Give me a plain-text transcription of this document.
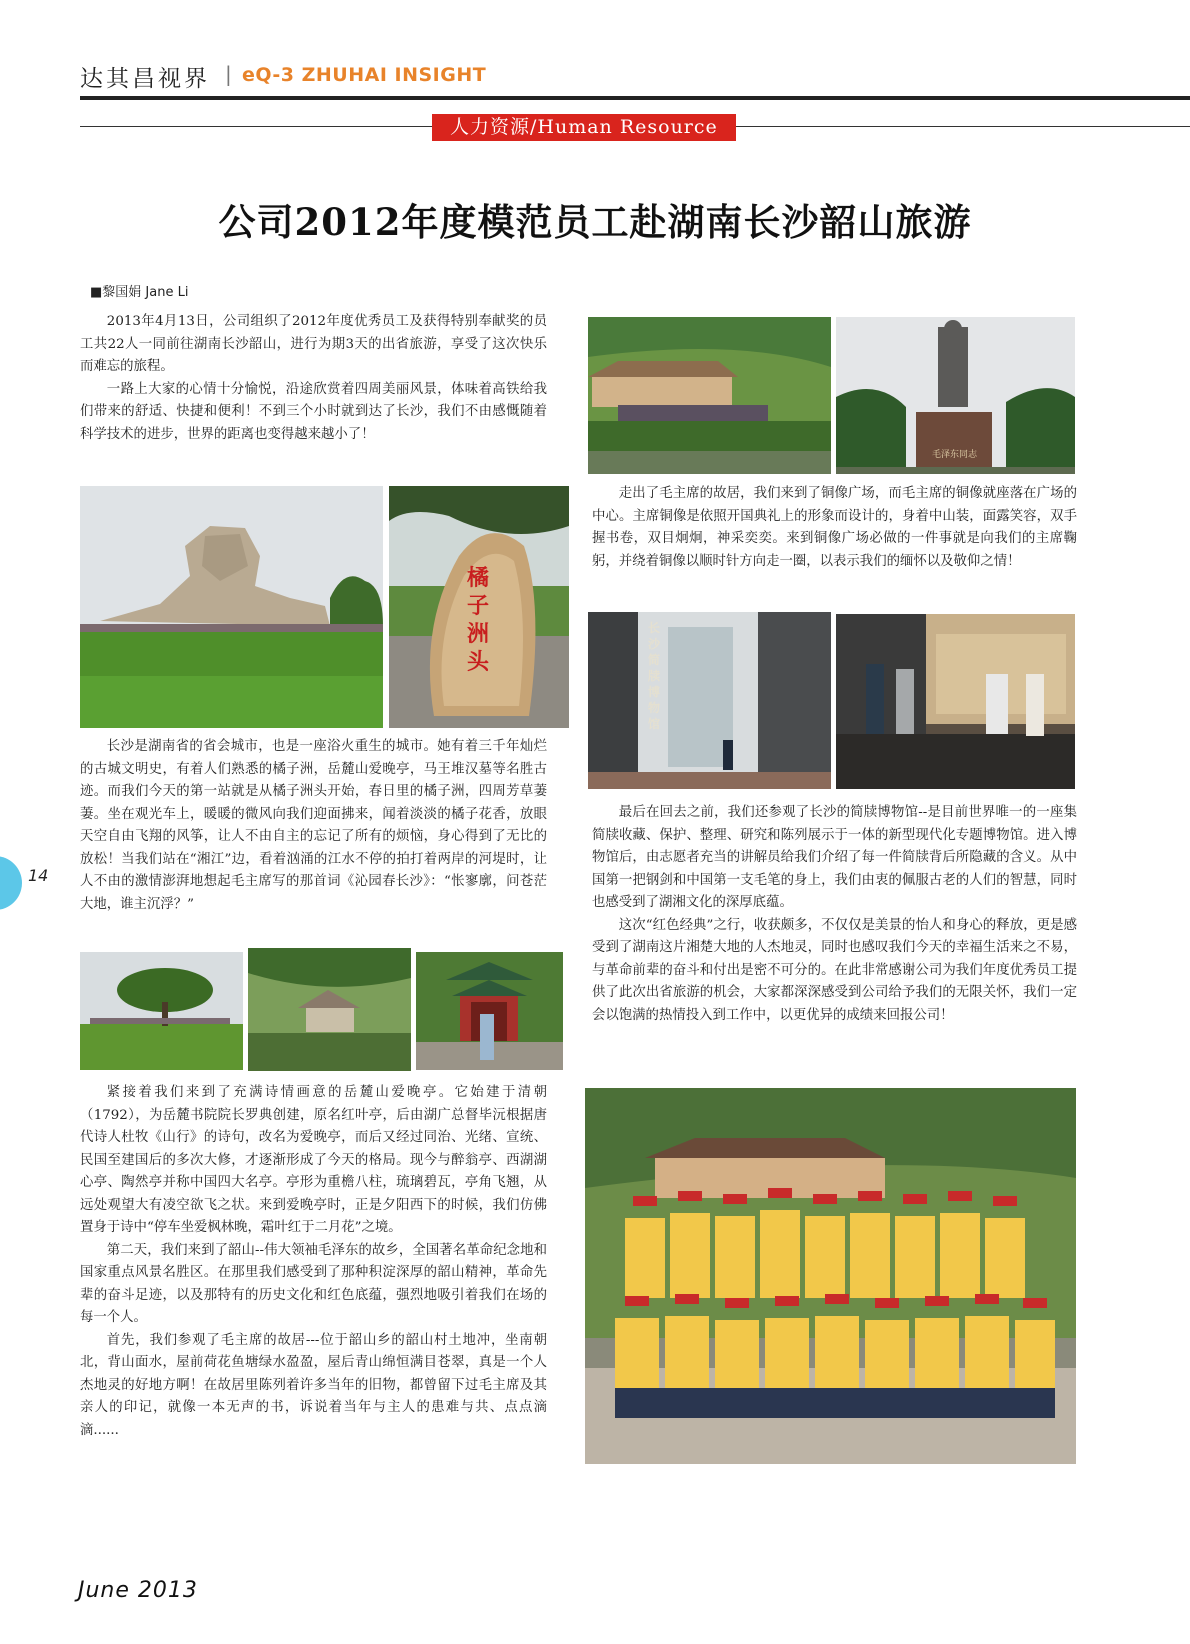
达其昌视界 | eQ-3 ZHUHAI INSIGHT
人力资源/Human Resource
公司2012年度模范员工赴湖南长沙韶山旅游
■黎国娟 Jane Li

2013年4月13日，公司组织了2012年度优秀员工及获得特别奉献奖的员工共22人一同前往湖南长沙韶山，进行为期3天的出省旅游，享受了这次快乐而难忘的旅程。

一路上大家的心情十分愉悦，沿途欣赏着四周美丽风景，体味着高铁给我们带来的舒适、快捷和便利！不到三个小时就到达了长沙，我们不由感慨随着科学技术的进步，世界的距离也变得越来越小了！

橘子洲头

长沙是湖南省的省会城市，也是一座浴火重生的城市。她有着三千年灿烂的古城文明史，有着人们熟悉的橘子洲，岳麓山爱晚亭，马王堆汉墓等名胜古迹。而我们今天的第一站就是从橘子洲头开始，春日里的橘子洲，四周芳草萋萋。坐在观光车上，暖暖的微风向我们迎面拂来，闻着淡淡的橘子花香，放眼天空自由飞翔的风筝，让人不由自主的忘记了所有的烦恼，身心得到了无比的放松！当我们站在“湘江”边，看着汹涌的江水不停的拍打着两岸的河堤时，让人不由的激情澎湃地想起毛主席写的那首词《沁园春长沙》：“怅寥廓，问苍茫大地，谁主沉浮？”

紧接着我们来到了充满诗情画意的岳麓山爱晚亭。它始建于清朝（1792），为岳麓书院院长罗典创建，原名红叶亭，后由湖广总督毕沅根据唐代诗人杜牧《山行》的诗句，改名为爱晚亭，而后又经过同治、光绪、宣统、民国至建国后的多次大修，才逐渐形成了今天的格局。现今与醉翁亭、西湖湖心亭、陶然亭并称中国四大名亭。亭形为重檐八柱，琉璃碧瓦，亭角飞翘，从远处观望大有凌空欲飞之状。来到爱晚亭时，正是夕阳西下的时候，我们仿佛置身于诗中“停车坐爱枫林晚，霜叶红于二月花”之境。

第二天，我们来到了韶山--伟大领袖毛泽东的故乡，全国著名革命纪念地和国家重点风景名胜区。在那里我们感受到了那种积淀深厚的韶山精神，革命先辈的奋斗足迹，以及那特有的历史文化和红色底蕴，强烈地吸引着我们在场的每一个人。

首先，我们参观了毛主席的故居---位于韶山乡的韶山村土地冲，坐南朝北，背山面水，屋前荷花鱼塘绿水盈盈，屋后青山绵恒满目苍翠，真是一个人杰地灵的好地方啊！在故居里陈列着许多当年的旧物，都曾留下过毛主席及其亲人的印记，就像一本无声的书，诉说着当年与主人的患难与共、点点滴滴......

毛泽东同志

走出了毛主席的故居，我们来到了铜像广场，而毛主席的铜像就座落在广场的中心。主席铜像是依照开国典礼上的形象而设计的，身着中山装，面露笑容，双手握书卷，双目炯炯，神采奕奕。来到铜像广场必做的一件事就是向我们的主席鞠躬，并绕着铜像以顺时针方向走一圈，以表示我们的缅怀以及敬仰之情！

长沙简牍博物馆

最后在回去之前，我们还参观了长沙的简牍博物馆--是目前世界唯一的一座集简牍收藏、保护、整理、研究和陈列展示于一体的新型现代化专题博物馆。进入博物馆后，由志愿者充当的讲解员给我们介绍了每一件简牍背后所隐藏的含义。从中国第一把钢剑和中国第一支毛笔的身上，我们由衷的佩服古老的人们的智慧，同时也感受到了湖湘文化的深厚底蕴。

这次“红色经典”之行，收获颇多，不仅仅是美景的怡人和身心的释放，更是感受到了湖南这片湘楚大地的人杰地灵，同时也感叹我们今天的幸福生活来之不易，与革命前辈的奋斗和付出是密不可分的。在此非常感谢公司为我们年度优秀员工提供了此次出省旅游的机会，大家都深深感受到公司给予我们的无限关怀，我们一定会以饱满的热情投入到工作中，以更优异的成绩来回报公司！

14
June 2013
